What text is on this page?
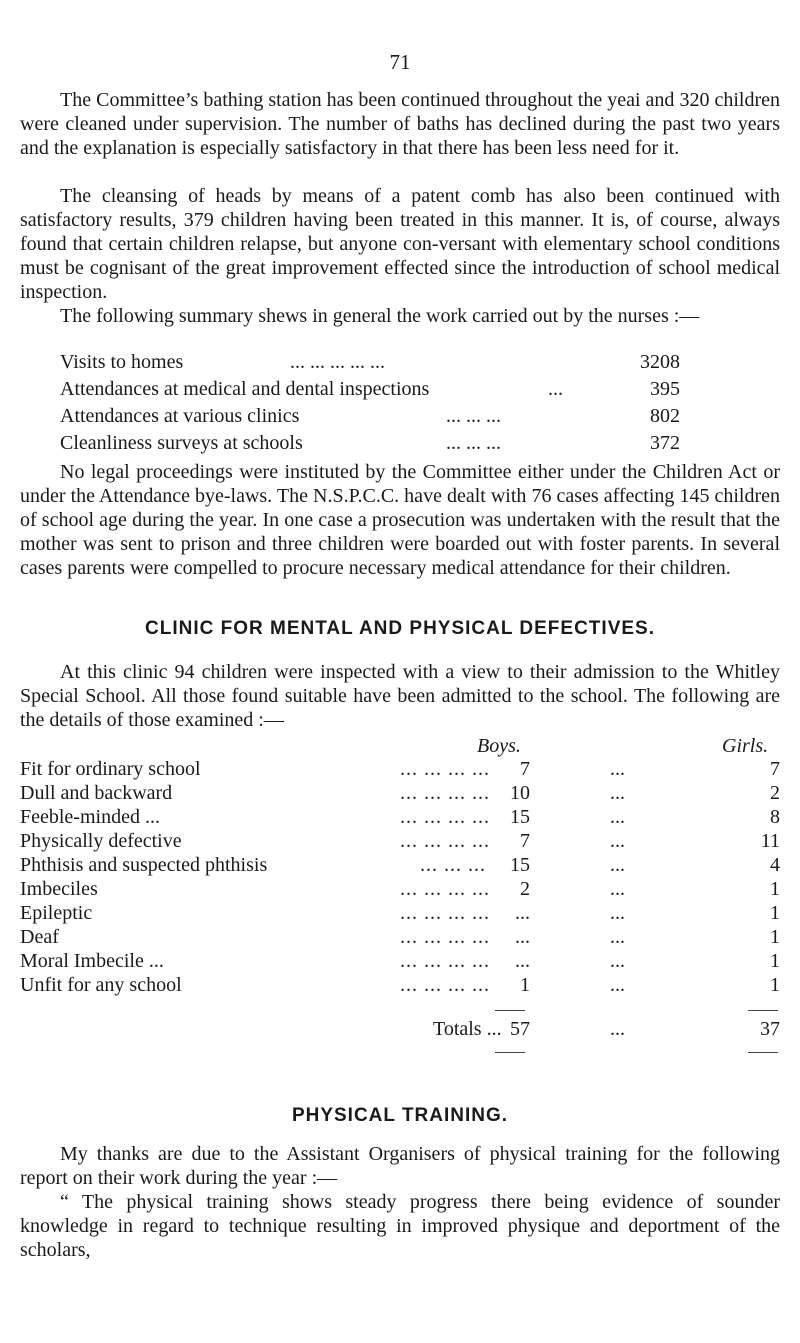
71

The Committee’s bathing station has been continued throughout the yeai and 320 children were cleaned under supervision. The number of baths has declined during the past two years and the explanation is especially satisfactory in that there has been less need for it.

The cleansing of heads by means of a patent comb has also been continued with satisfactory results, 379 children having been treated in this manner. It is, of course, always found that certain children relapse, but anyone con-versant with elementary school conditions must be cognisant of the great improvement effected since the introduction of school medical inspection.

The following summary shews in general the work carried out by the nurses :—

Visits to homes	... ... ... ... ...	3208
Attendances at medical and dental inspections	...	395
Attendances at various clinics	... ... ...	802
Cleanliness surveys at schools	... ... ...	372

No legal proceedings were instituted by the Committee either under the Children Act or under the Attendance bye-laws. The N.S.P.C.C. have dealt with 76 cases affecting 145 children of school age during the year. In one case a prosecution was undertaken with the result that the mother was sent to prison and three children were boarded out with foster parents. In several cases parents were compelled to procure necessary medical attendance for their children.

CLINIC FOR MENTAL AND PHYSICAL DEFECTIVES.

At this clinic 94 children were inspected with a view to their admission to the Whitley Special School. All those found suitable have been admitted to the school. The following are the details of those examined :—

Boys.	Girls.
Fit for ordinary school	... ... ... ...	7	...	7
Dull and backward	... ... ... ...	10	...	2
Feeble-minded ...	... ... ... ...	15	...	8
Physically defective	... ... ... ...	7	...	11
Phthisis and suspected phthisis	... ... ...	15	...	4
Imbeciles	... ... ... ...	2	...	1
Epileptic	... ... ... ...	...	...	1
Deaf	... ... ... ...	...	...	1
Moral Imbecile ...	... ... ... ...	...	...	1
Unfit for any school	... ... ... ...	1	...	1
Totals ... 57	...	37
PHYSICAL TRAINING.

My thanks are due to the Assistant Organisers of physical training for the following report on their work during the year :—

“ The physical training shows steady progress there being evidence of sounder knowledge in regard to technique resulting in improved physique and deportment of the scholars,
